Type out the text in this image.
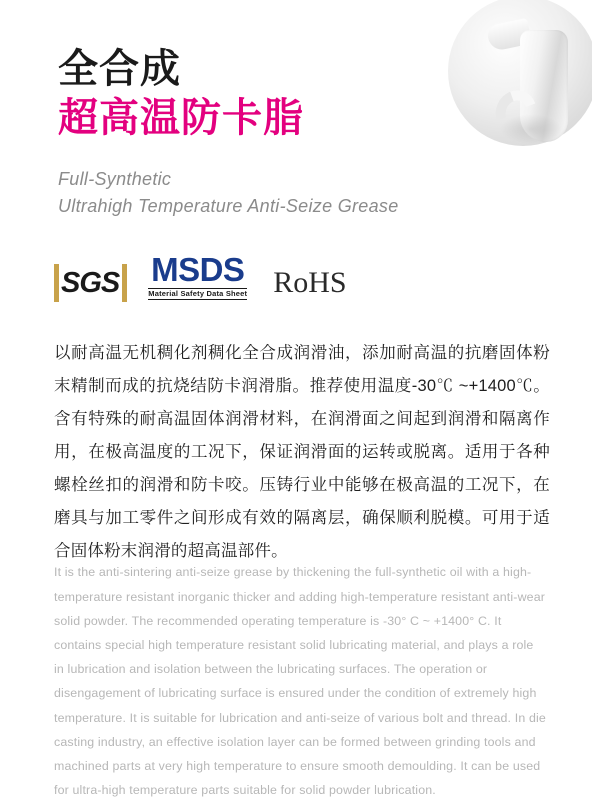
全合成
超高温防卡脂
Full-Synthetic
Ultrahigh Temperature Anti-Seize Grease
SGS MSDS
Material Safety Data Sheet RoHS

以耐高温无机稠化剂稠化全合成润滑油，添加耐高温的抗磨固体粉末精制而成的抗烧结防卡润滑脂。推荐使用温度-30℃ ~+1400℃。含有特殊的耐高温固体润滑材料，在润滑面之间起到润滑和隔离作用，在极高温度的工况下，保证润滑面的运转或脱离。适用于各种螺栓丝扣的润滑和防卡咬。压铸行业中能够在极高温的工况下，在磨具与加工零件之间形成有效的隔离层，确保顺利脱模。可用于适合固体粉末润滑的超高温部件。

It is the anti-sintering anti-seize grease by thickening the full-synthetic oil with a high-temperature resistant inorganic thicker and adding high-temperature resistant anti-wear solid powder. The recommended operating temperature is -30° C ~ +1400° C. It contains special high temperature resistant solid lubricating material, and plays a role in lubrication and isolation between the lubricating surfaces. The operation or disengagement of lubricating surface is ensured under the condition of extremely high temperature. It is suitable for lubrication and anti-seize of various bolt and thread. In die casting industry, an effective isolation layer can be formed between grinding tools and machined parts at very high temperature to ensure smooth demoulding. It can be used for ultra-high temperature parts suitable for solid powder lubrication.
